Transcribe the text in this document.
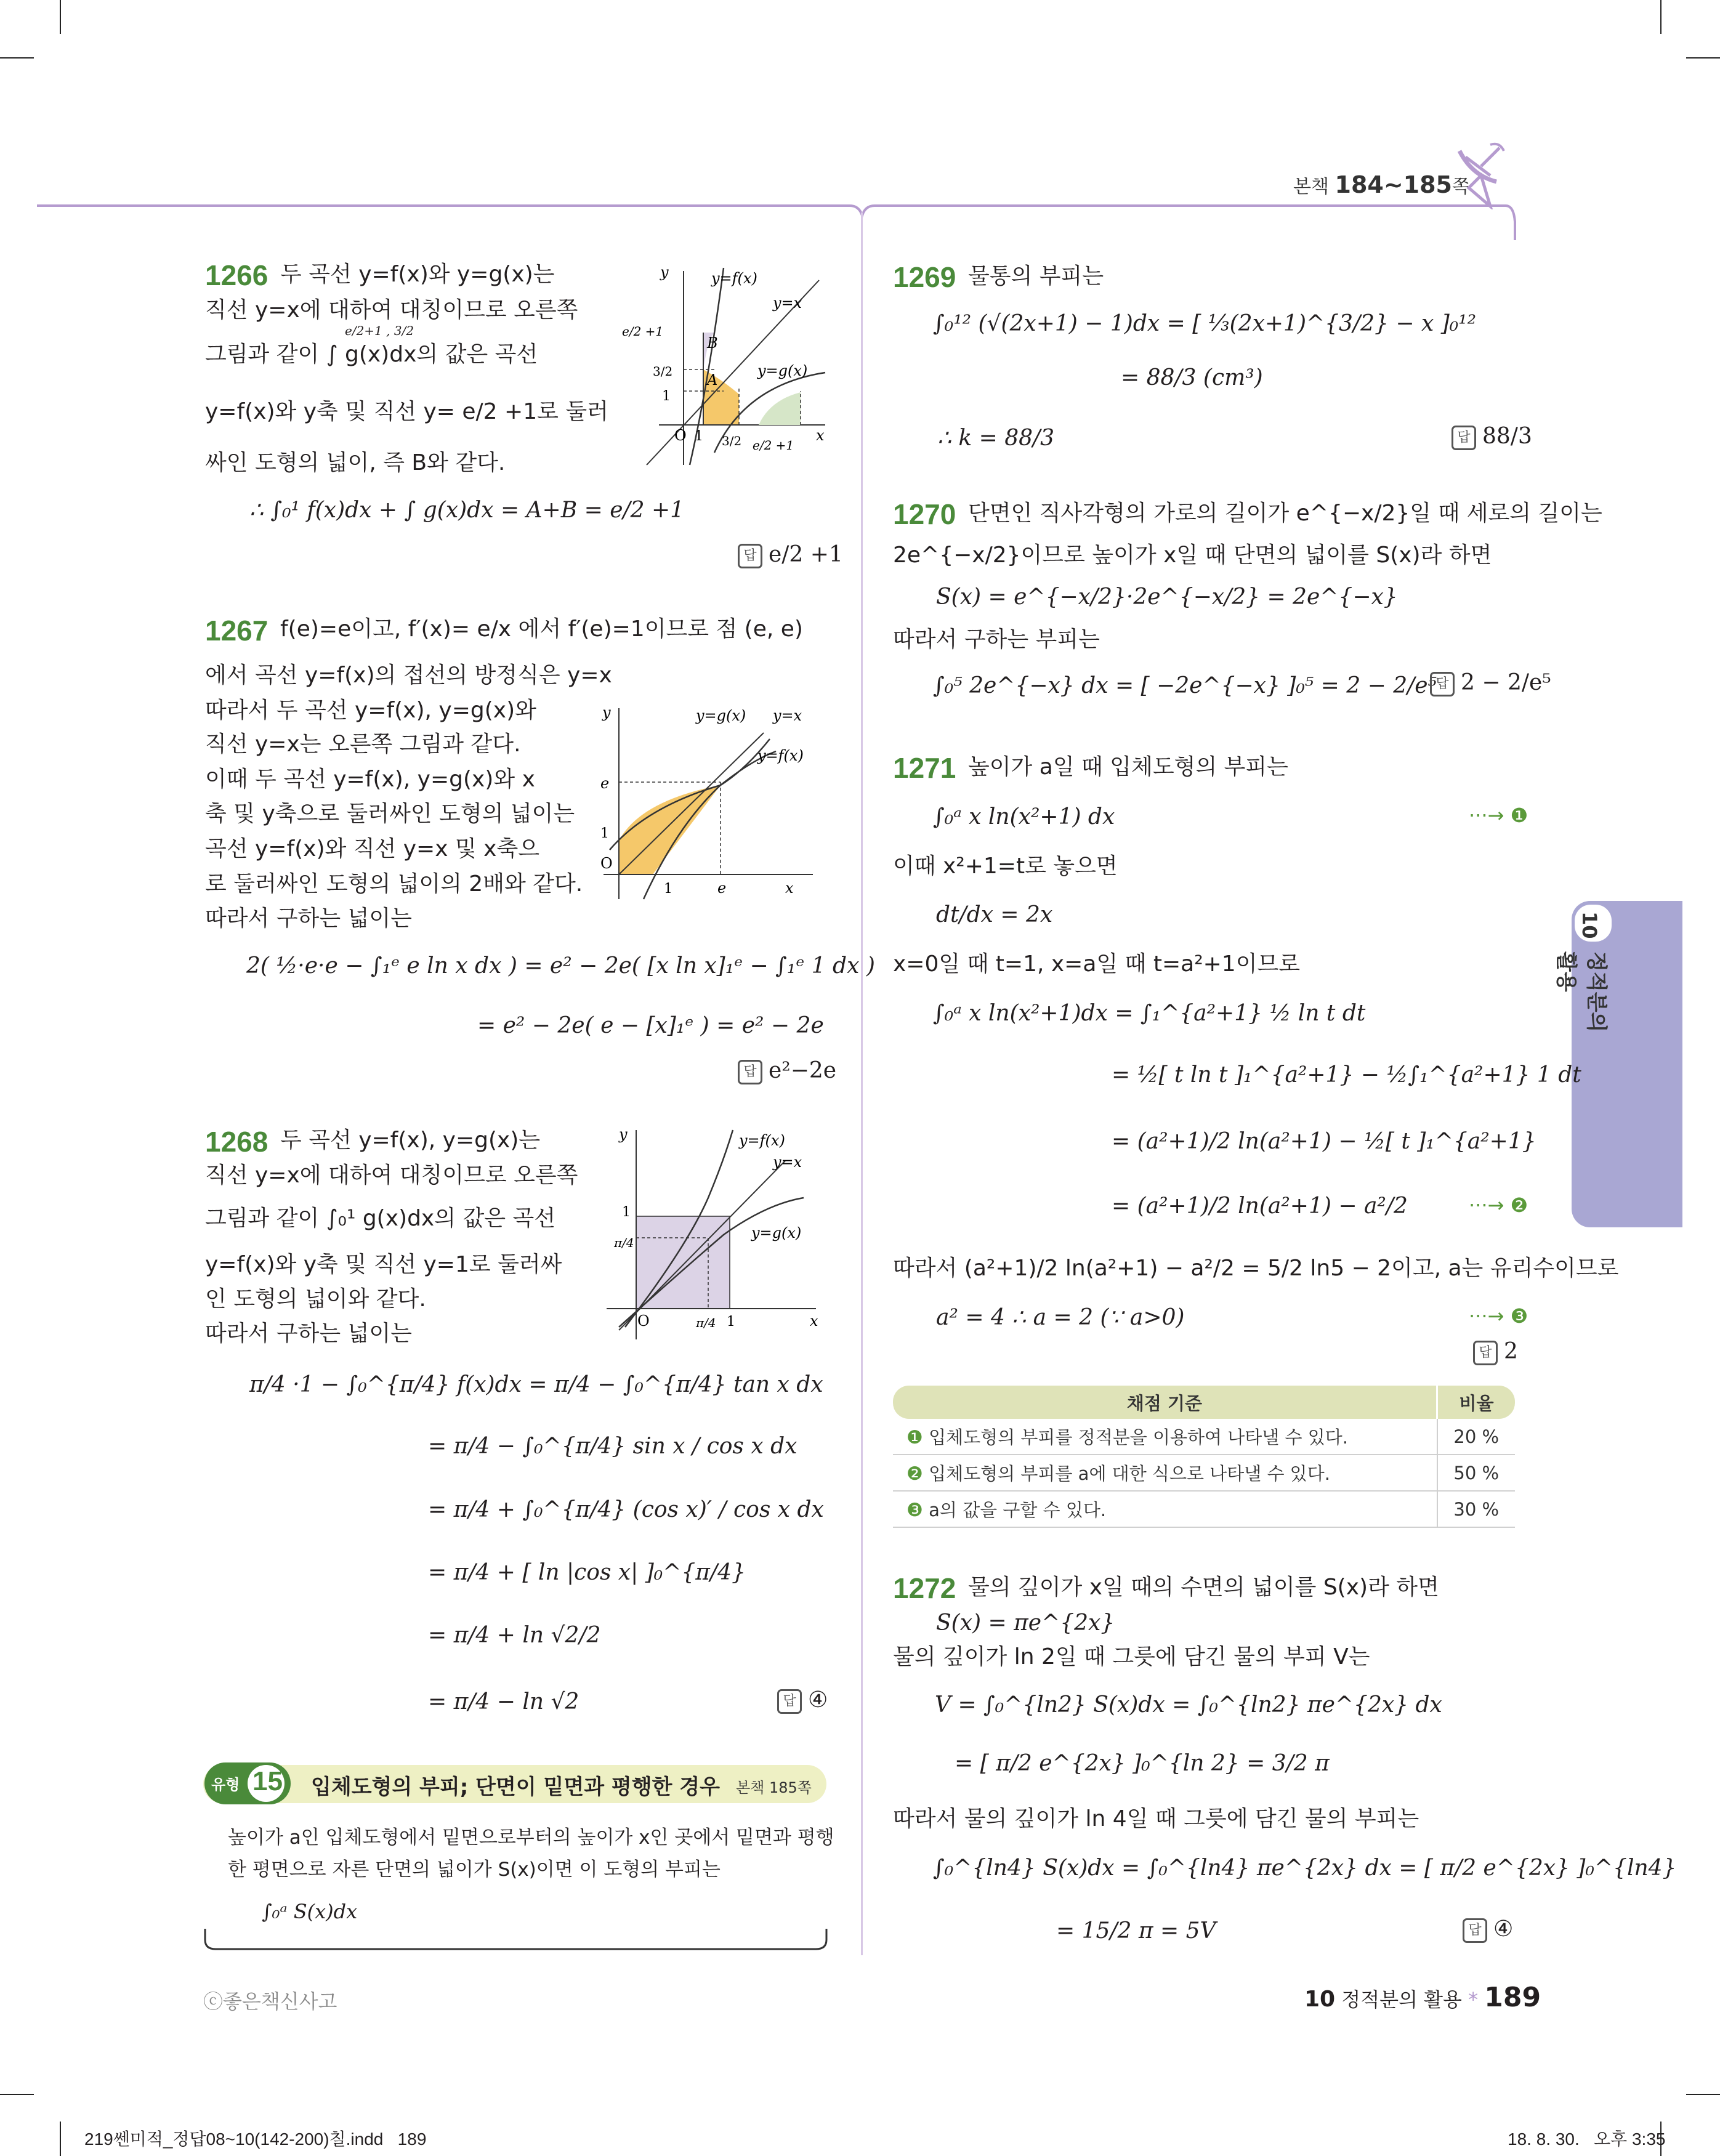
본책 184~185쪽
10
정적분의 활용
1266 두 곡선 y=f(x)와 y=g(x)는
직선 y=x에 대하여 대칭이므로 오른쪽
그림과 같이 ∫ g(x)dx의 값은 곡선
e/2+1 , 3/2
y=f(x)와 y축 및 직선 y= e/2 +1로 둘러
싸인 도형의 넓이, 즉 B와 같다.
∴ ∫₀¹ f(x)dx + ∫ g(x)dx = A+B = e/2 +1
답 e/2 +1
y=f(x)
y=x
y=g(x)
B
A
e/2 +1
3/2
1
O 1 3/2 e/2 +1
x
y
1267 f(e)=e이고, f′(x)= e/x 에서 f′(e)=1이므로 점 (e, e)
에서 곡선 y=f(x)의 접선의 방정식은 y=x
따라서 두 곡선 y=f(x), y=g(x)와
직선 y=x는 오른쪽 그림과 같다.
이때 두 곡선 y=f(x), y=g(x)와 x
축 및 y축으로 둘러싸인 도형의 넓이는
곡선 y=f(x)와 직선 y=x 및 x축으
로 둘러싸인 도형의 넓이의 2배와 같다.
따라서 구하는 넓이는
2( ½·e·e − ∫₁ᵉ e ln x dx ) = e² − 2e( [x ln x]₁ᵉ − ∫₁ᵉ 1 dx )
= e² − 2e( e − [x]₁ᵉ ) = e² − 2e
답 e²−2e
y=g(x) y=x
y=f(x)
e
1
O
1	e	x
y
1268 두 곡선 y=f(x), y=g(x)는
직선 y=x에 대하여 대칭이므로 오른쪽
그림과 같이 ∫₀¹ g(x)dx의 값은 곡선
y=f(x)와 y축 및 직선 y=1로 둘러싸
인 도형의 넓이와 같다.
따라서 구하는 넓이는
π/4 ·1 − ∫₀^{π/4} f(x)dx = π/4 − ∫₀^{π/4} tan x dx
= π/4 − ∫₀^{π/4} sin x / cos x dx
= π/4 + ∫₀^{π/4} (cos x)′ / cos x dx
= π/4 + [ ln |cos x| ]₀^{π/4}
= π/4 + ln √2/2
= π/4 − ln √2	답 ④
y=f(x)
y=x
y=g(x)
1
π/4
O	π/4 1	x
y
유형 15 입체도형의 부피; 단면이 밑면과 평행한 경우 본책 185쪽
높이가 a인 입체도형에서 밑면으로부터의 높이가 x인 곳에서 밑면과 평행
한 평면으로 자른 단면의 넓이가 S(x)이면 이 도형의 부피는
∫₀ᵃ S(x)dx
1269 물통의 부피는
∫₀¹² (√(2x+1) − 1)dx = [ ⅓(2x+1)^{3/2} − x ]₀¹²
= 88/3 (cm³)
∴ k = 88/3	답 88/3
1270 단면인 직사각형의 가로의 길이가 e^{−x/2}일 때 세로의 길이는
2e^{−x/2}이므로 높이가 x일 때 단면의 넓이를 S(x)라 하면
S(x) = e^{−x/2}·2e^{−x/2} = 2e^{−x}
따라서 구하는 부피는
∫₀⁵ 2e^{−x} dx = [ −2e^{−x} ]₀⁵ = 2 − 2/e⁵
답 2 − 2/e⁵
1271 높이가 a일 때 입체도형의 부피는
∫₀ᵃ x ln(x²+1) dx	···→ ❶
이때 x²+1=t로 놓으면
dt/dx = 2x
x=0일 때 t=1, x=a일 때 t=a²+1이므로
∫₀ᵃ x ln(x²+1)dx = ∫₁^{a²+1} ½ ln t dt
= ½[ t ln t ]₁^{a²+1} − ½∫₁^{a²+1} 1 dt
= (a²+1)/2 ln(a²+1) − ½[ t ]₁^{a²+1}
= (a²+1)/2 ln(a²+1) − a²/2	···→ ❷
따라서 (a²+1)/2 ln(a²+1) − a²/2 = 5/2 ln5 − 2이고, a는 유리수이므로
a² = 4 ∴ a = 2 (∵ a>0)	···→ ❸
답 2
채점 기준	비율
❶ 입체도형의 부피를 정적분을 이용하여 나타낼 수 있다.	20 %
❷ 입체도형의 부피를 a에 대한 식으로 나타낼 수 있다.	50 %
❸ a의 값을 구할 수 있다.	30 %
1272 물의 깊이가 x일 때의 수면의 넓이를 S(x)라 하면
S(x) = πe^{2x}
물의 깊이가 ln 2일 때 그릇에 담긴 물의 부피 V는
V = ∫₀^{ln2} S(x)dx = ∫₀^{ln2} πe^{2x} dx
= [ π/2 e^{2x} ]₀^{ln 2} = 3/2 π
따라서 물의 깊이가 ln 4일 때 그릇에 담긴 물의 부피는
∫₀^{ln4} S(x)dx = ∫₀^{ln4} πe^{2x} dx = [ π/2 e^{2x} ]₀^{ln4}
= 15/2 π = 5V	답 ④
ⓒ좋은책신사고	10 정적분의 활용 * 189
219쎈미적_정답08~10(142-200)칠.indd   189	18. 8. 30.   오후 3:35
